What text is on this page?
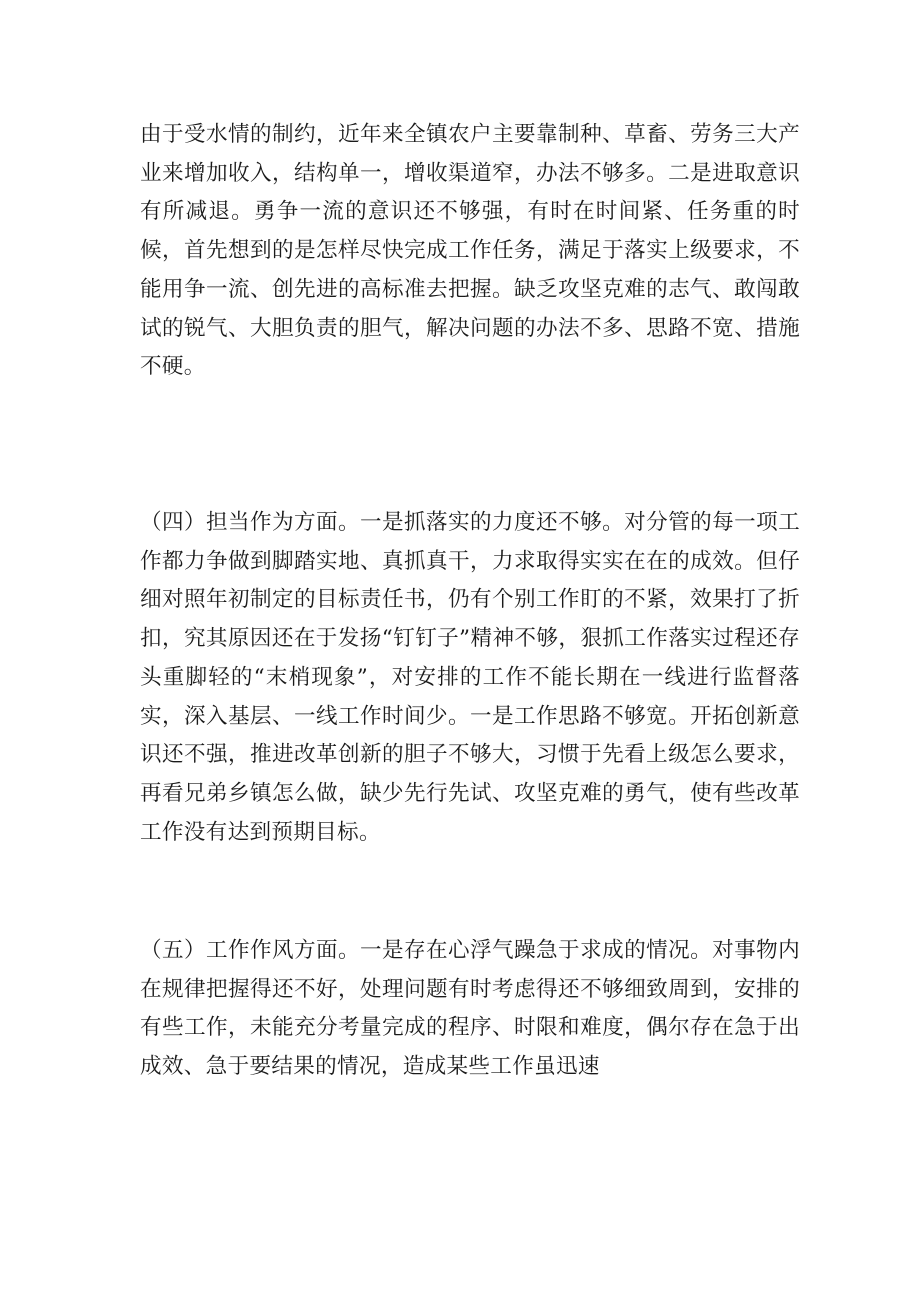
由于受水情的制约，近年来全镇农户主要靠制种、草畜、劳务三大产业来增加收入，结构单一，增收渠道窄，办法不够多。二是进取意识有所减退。勇争一流的意识还不够强，有时在时间紧、任务重的时候，首先想到的是怎样尽快完成工作任务，满足于落实上级要求，不能用争一流、创先进的高标准去把握。缺乏攻坚克难的志气、敢闯敢试的锐气、大胆负责的胆气，解决问题的办法不多、思路不宽、措施不硬。

（四）担当作为方面。一是抓落实的力度还不够。对分管的每一项工作都力争做到脚踏实地、真抓真干，力求取得实实在在的成效。但仔细对照年初制定的目标责任书，仍有个别工作盯的不紧，效果打了折扣，究其原因还在于发扬“钉钉子”精神不够，狠抓工作落实过程还存头重脚轻的“末梢现象”，对安排的工作不能长期在一线进行监督落实，深入基层、一线工作时间少。一是工作思路不够宽。开拓创新意识还不强，推进改革创新的胆子不够大，习惯于先看上级怎么要求，再看兄弟乡镇怎么做，缺少先行先试、攻坚克难的勇气，使有些改革工作没有达到预期目标。

（五）工作作风方面。一是存在心浮气躁急于求成的情况。对事物内在规律把握得还不好，处理问题有时考虑得还不够细致周到，安排的有些工作，未能充分考量完成的程序、时限和难度，偶尔存在急于出成效、急于要结果的情况，造成某些工作虽迅速
